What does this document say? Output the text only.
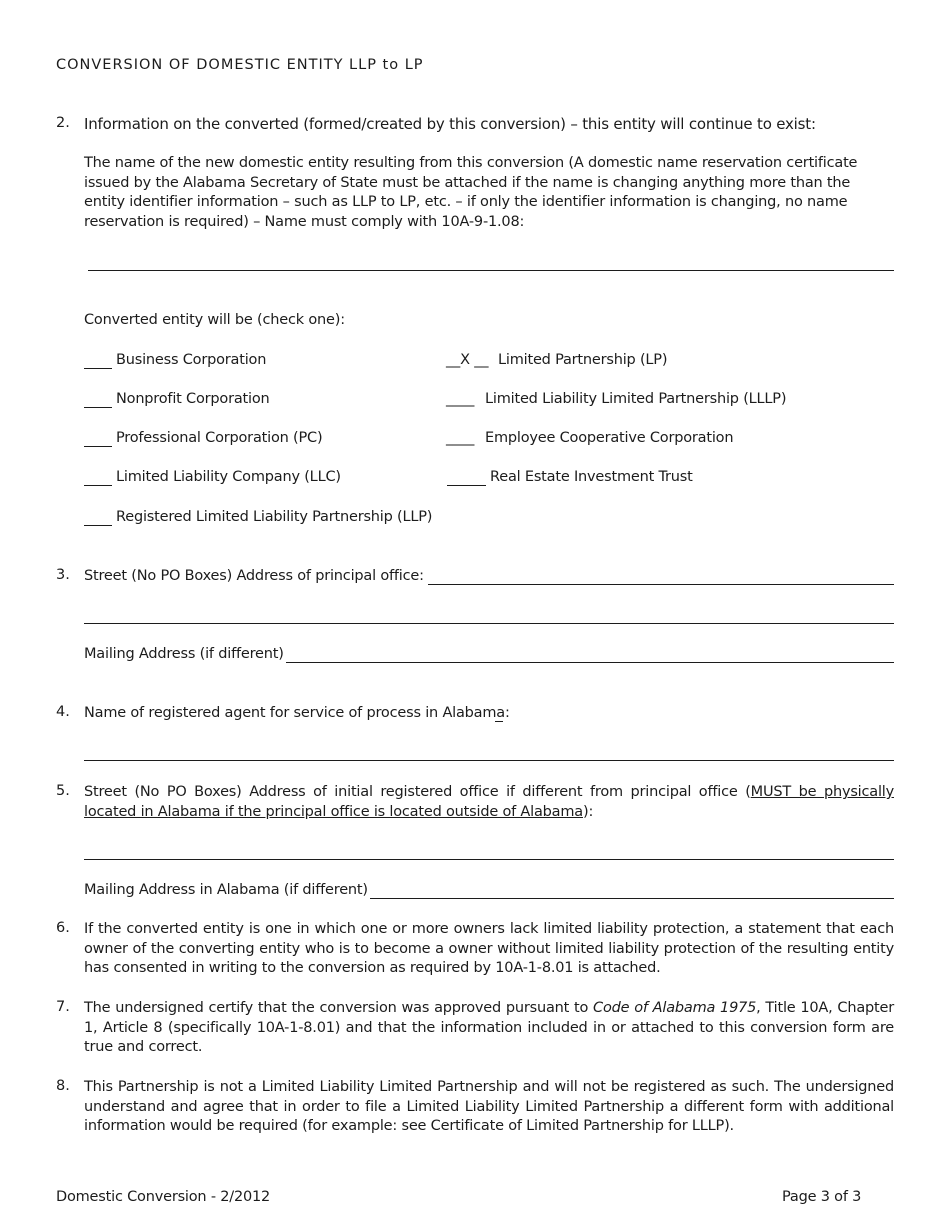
CONVERSION OF DOMESTIC ENTITY LLP to LP
2. Information on the converted (formed/created by this conversion) – this entity will continue to exist:
The name of the new domestic entity resulting from this conversion (A domestic name reservation certificate issued by the Alabama Secretary of State must be attached if the name is changing anything more than the entity identifier information – such as LLP to LP, etc. – if only the identifier information is changing, no name reservation is required) – Name must comply with 10A-9-1.08:
Converted entity will be (check one):
Business Corporation
Nonprofit Corporation
Professional Corporation (PC)
Limited Liability Company (LLC)
Registered Limited Liability Partnership (LLP)
__X __ Limited Partnership (LP)
____ Limited Liability Limited Partnership (LLLP)
____ Employee Cooperative Corporation
Real Estate Investment Trust
3. Street (No PO Boxes) Address of principal office:
Mailing Address (if different)
4. Name of registered agent for service of process in Alabama:
5. Street (No PO Boxes) Address of initial registered office if different from principal office (MUST be physically located in Alabama if the principal office is located outside of Alabama):
Mailing Address in Alabama (if different)
6. If the converted entity is one in which one or more owners lack limited liability protection, a statement that each owner of the converting entity who is to become a owner without limited liability protection of the resulting entity has consented in writing to the conversion as required by 10A-1-8.01 is attached.
7. The undersigned certify that the conversion was approved pursuant to Code of Alabama 1975, Title 10A, Chapter 1, Article 8 (specifically 10A-1-8.01) and that the information included in or attached to this conversion form are true and correct.
8. This Partnership is not a Limited Liability Limited Partnership and will not be registered as such. The undersigned understand and agree that in order to file a Limited Liability Limited Partnership a different form with additional information would be required (for example: see Certificate of Limited Partnership for LLLP).
Domestic Conversion - 2/2012	Page 3 of 3
